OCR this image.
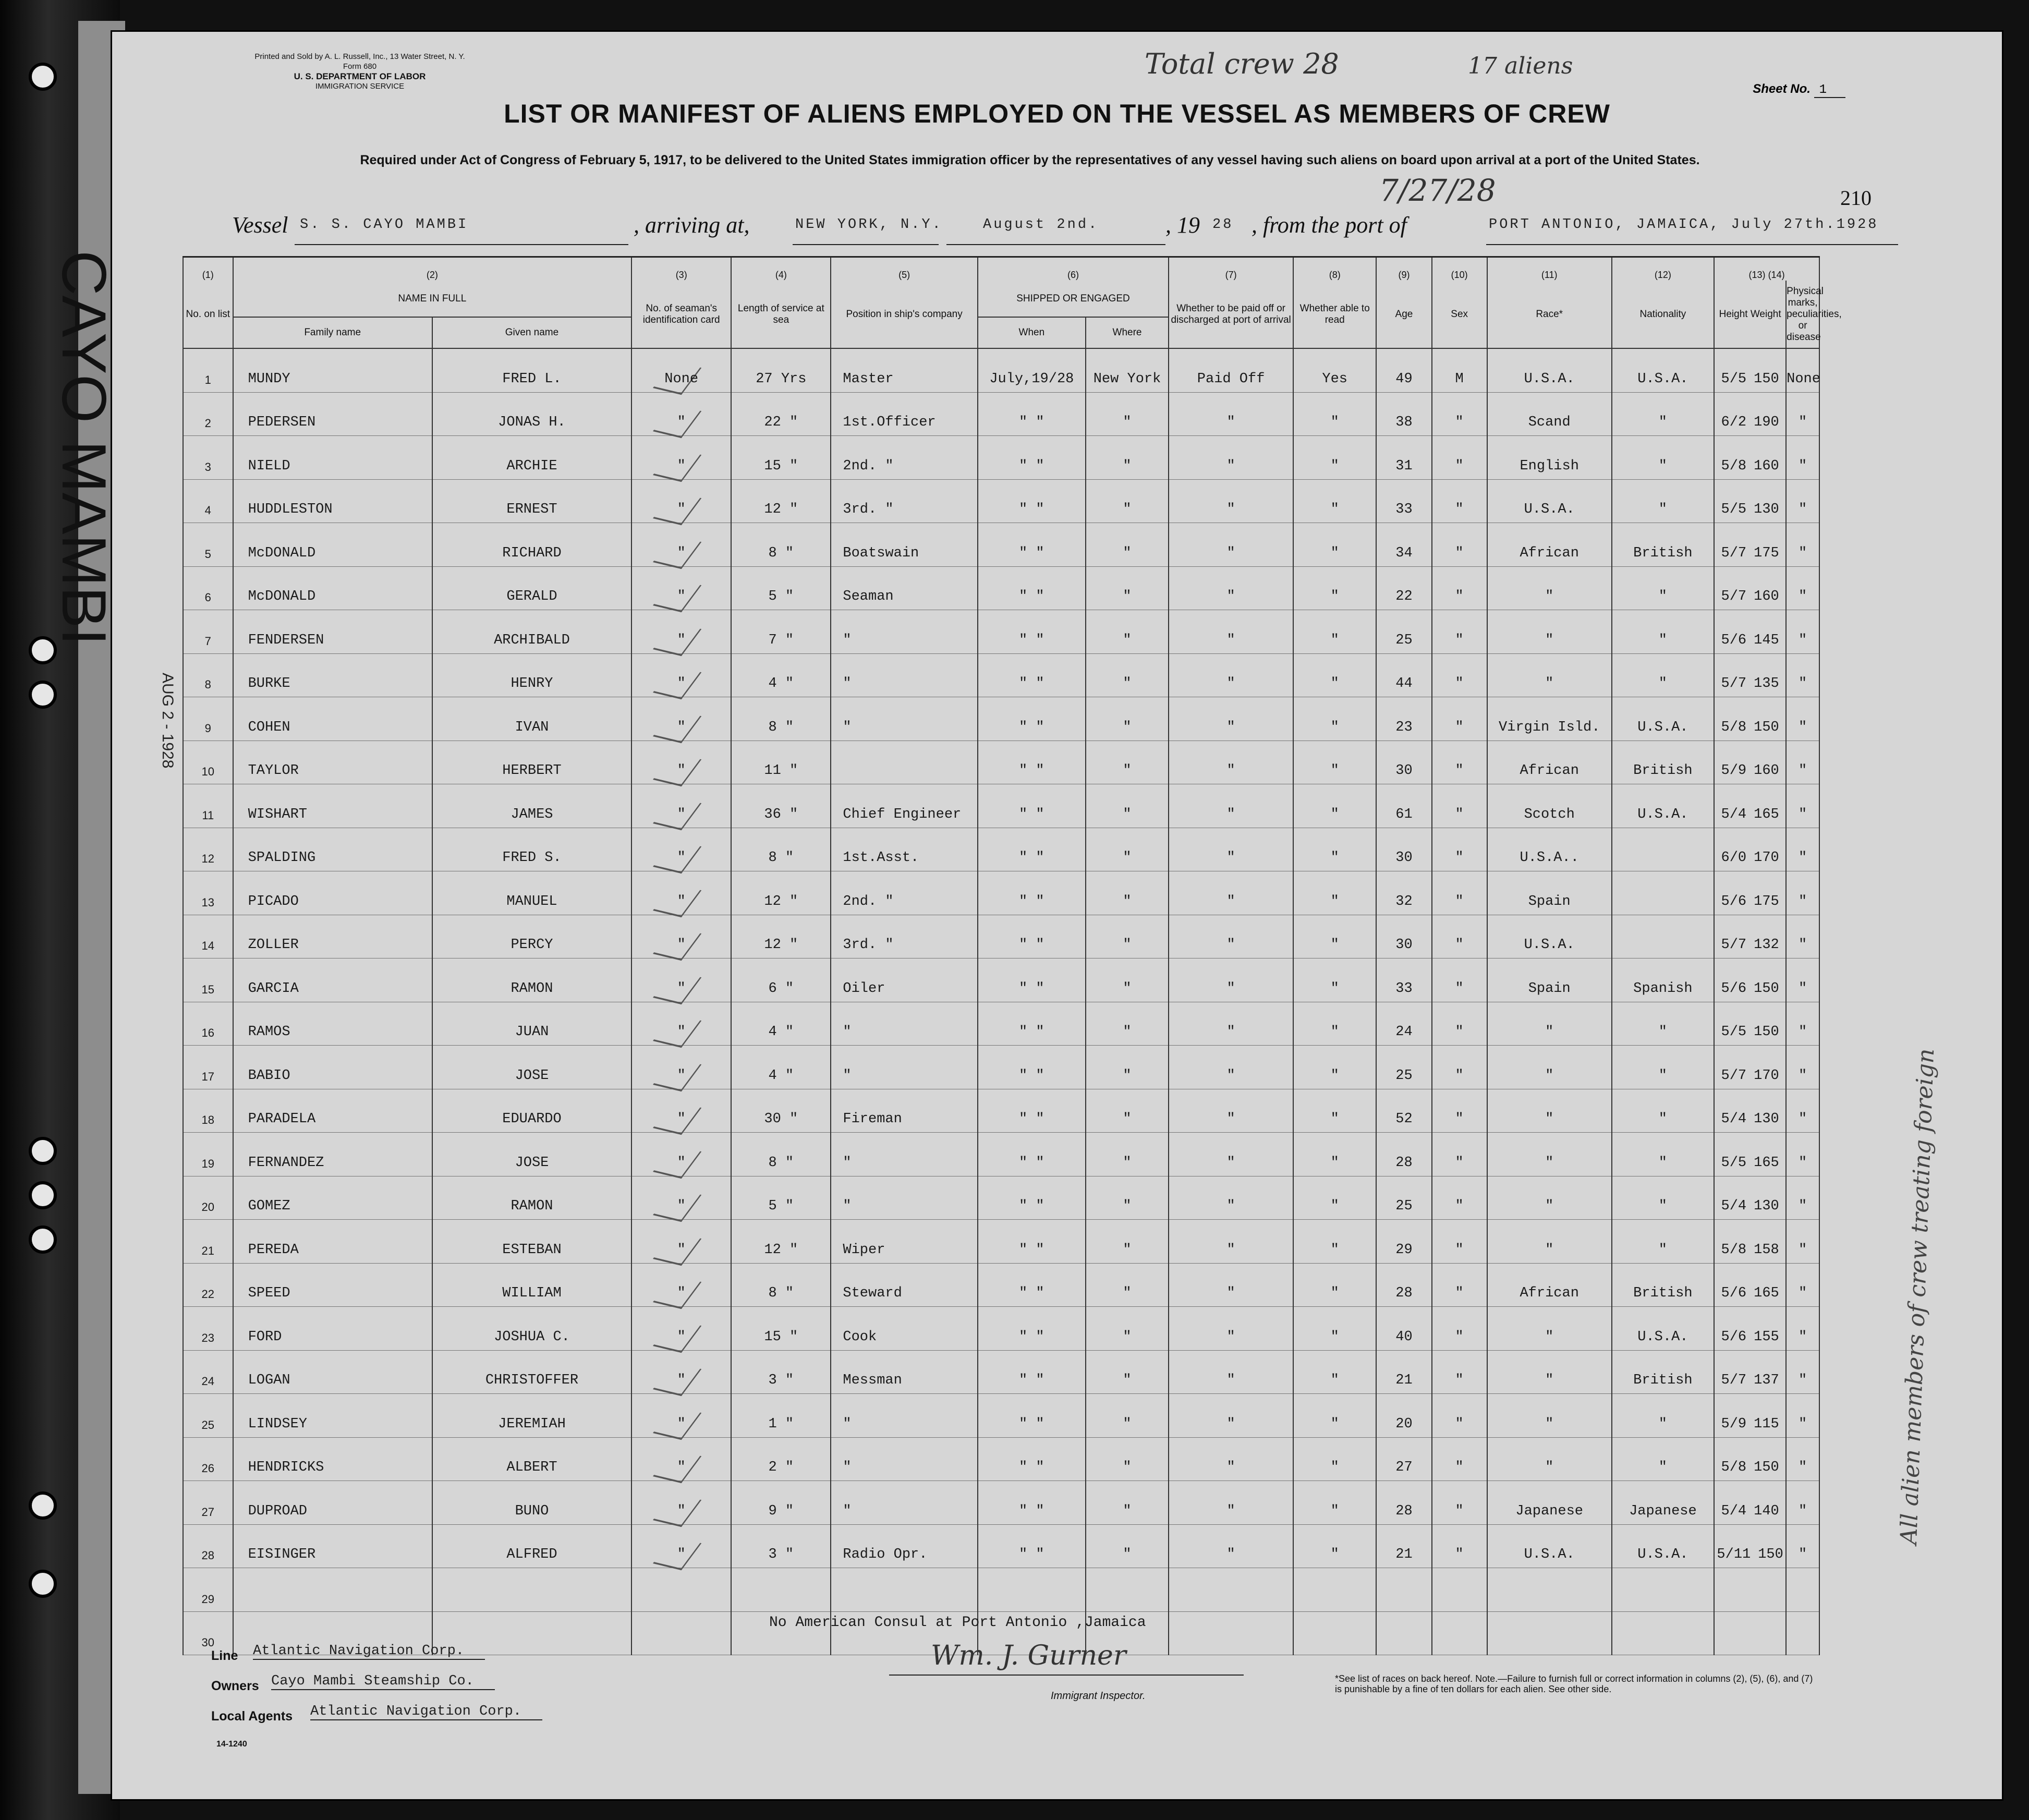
Printed and Sold by A. L. Russell, Inc., 13 Water Street, N. Y.
Form 680
U. S. DEPARTMENT OF LABOR
IMMIGRATION SERVICE
Total crew 28	17 aliens
Sheet No. 1
LIST OR MANIFEST OF ALIENS EMPLOYED ON THE VESSEL AS MEMBERS OF CREW
Required under Act of Congress of February 5, 1917, to be delivered to the United States immigration officer by the representatives of any vessel having such aliens on board upon arrival at a port of the United States.
7/27/28	210
Vessel S. S. CAYO MAMBI	, arriving at,	NEW YORK, N.Y.	August 2nd.	, 19 28 , from the port of	PORT ANTONIO, JAMAICA, July 27th.1928
(1)	(2)		(3)	(4)	(5)	(6)		(7)	(8)	(9)	(10)	(11)	(12)	(13) (14)	
No. on list	NAME IN FULL		No. of seaman's identification card	Length of service at sea	Position in ship's company	SHIPPED OR ENGAGED		Whether to be paid off or discharged at port of arrival	Whether able to read	Age	Sex	Race*	Nationality	Height Weight	Physical marks, peculiarities, or disease
	Family name	Given name				When	Where								
1	MUNDY	FRED L.	None	27 Yrs	Master	July,19/28	New York	Paid Off	Yes	49	M	U.S.A.	U.S.A.	5/5 150	None
2	PEDERSEN	JONAS H.	"	22 "	1st.Officer	" "	"	"	"	38	"	Scand	"	6/2 190	"
3	NIELD	ARCHIE	"	15 "	2nd. "	" "	"	"	"	31	"	English	"	5/8 160	"
4	HUDDLESTON	ERNEST	"	12 "	3rd. "	" "	"	"	"	33	"	U.S.A.	"	5/5 130	"
5	McDONALD	RICHARD	"	8 "	Boatswain	" "	"	"	"	34	"	African	British	5/7 175	"
6	McDONALD	GERALD	"	5 "	Seaman	" "	"	"	"	22	"	"	"	5/7 160	"
7	FENDERSEN	ARCHIBALD	"	7 "	"	" "	"	"	"	25	"	"	"	5/6 145	"
8	BURKE	HENRY	"	4 "	"	" "	"	"	"	44	"	"	"	5/7 135	"
9	COHEN	IVAN	"	8 "	"	" "	"	"	"	23	"	Virgin Isld.	U.S.A.	5/8 150	"
10	TAYLOR	HERBERT	"	11 "		" "	"	"	"	30	"	African	British	5/9 160	"
11	WISHART	JAMES	"	36 "	Chief Engineer	" "	"	"	"	61	"	Scotch	U.S.A.	5/4 165	"
12	SPALDING	FRED S.	"	8 "	1st.Asst.	" "	"	"	"	30	"	U.S.A..		6/0 170	"
13	PICADO	MANUEL	"	12 "	2nd. "	" "	"	"	"	32	"	Spain		5/6 175	"
14	ZOLLER	PERCY	"	12 "	3rd. "	" "	"	"	"	30	"	U.S.A.		5/7 132	"
15	GARCIA	RAMON	"	6 "	Oiler	" "	"	"	"	33	"	Spain	Spanish	5/6 150	"
16	RAMOS	JUAN	"	4 "	"	" "	"	"	"	24	"	"	"	5/5 150	"
17	BABIO	JOSE	"	4 "	"	" "	"	"	"	25	"	"	"	5/7 170	"
18	PARADELA	EDUARDO	"	30 "	Fireman	" "	"	"	"	52	"	"	"	5/4 130	"
19	FERNANDEZ	JOSE	"	8 "	"	" "	"	"	"	28	"	"	"	5/5 165	"
20	GOMEZ	RAMON	"	5 "	"	" "	"	"	"	25	"	"	"	5/4 130	"
21	PEREDA	ESTEBAN	"	12 "	Wiper	" "	"	"	"	29	"	"	"	5/8 158	"
22	SPEED	WILLIAM	"	8 "	Steward	" "	"	"	"	28	"	African	British	5/6 165	"
23	FORD	JOSHUA C.	"	15 "	Cook	" "	"	"	"	40	"	"	U.S.A.	5/6 155	"
24	LOGAN	CHRISTOFFER	"	3 "	Messman	" "	"	"	"	21	"	"	British	5/7 137	"
25	LINDSEY	JEREMIAH	"	1 "	"	" "	"	"	"	20	"	"	"	5/9 115	"
26	HENDRICKS	ALBERT	"	2 "	"	" "	"	"	"	27	"	"	"	5/8 150	"
27	DUPROAD	BUNO	"	9 "	"	" "	"	"	"	28	"	Japanese	Japanese	5/4 140	"
28	EISINGER	ALFRED	"	3 "	Radio Opr.	" "	"	"	"	21	"	U.S.A.	U.S.A.	5/11 150	"
29															
30															
No American Consul at Port Antonio ,Jamaica
All alien members of crew treating foreign
Line Atlantic Navigation Corp.
Owners Cayo Mambi Steamship Co.
Local Agents Atlantic Navigation Corp.
Wm. J. Gurner
Immigrant Inspector.
*See list of races on back hereof. Note.—Failure to furnish full or correct information in columns (2), (5), (6), and (7) is punishable by a fine of ten dollars for each alien. See other side.
14-1240
AUG 2 - 1928
